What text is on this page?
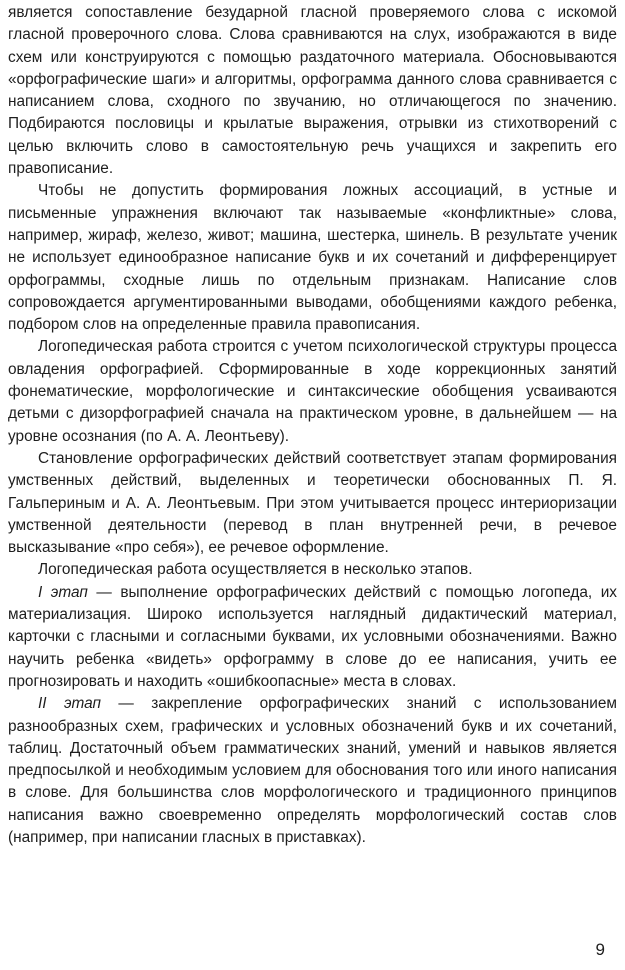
является сопоставление безударной гласной проверяемого слова с искомой гласной проверочного слова. Слова сравниваются на слух, изображаются в виде схем или конструируются с помощью раздаточного материала. Обосновываются «орфографические шаги» и алгоритмы, орфограмма данного слова сравнивается с написанием слова, сходного по звучанию, но отличающегося по значению. Подбираются пословицы и крылатые выражения, отрывки из стихотворений с целью включить слово в самостоятельную речь учащихся и закрепить его правописание.

Чтобы не допустить формирования ложных ассоциаций, в устные и письменные упражнения включают так называемые «конфликтные» слова, например, жираф, железо, живот; машина, шестерка, шинель. В результате ученик не использует единообразное написание букв и их сочетаний и дифференцирует орфограммы, сходные лишь по отдельным признакам. Написание слов сопровождается аргументированными выводами, обобщениями каждого ребенка, подбором слов на определенные правила правописания.

Логопедическая работа строится с учетом психологической структуры процесса овладения орфографией. Сформированные в ходе коррекционных занятий фонематические, морфологические и синтаксические обобщения усваиваются детьми с дизорфографией сначала на практическом уровне, в дальнейшем — на уровне осознания (по А. А. Леонтьеву).

Становление орфографических действий соответствует этапам формирования умственных действий, выделенных и теоретически обоснованных П. Я. Гальпериным и А. А. Леонтьевым. При этом учитывается процесс интериоризации умственной деятельности (перевод в план внутренней речи, в речевое высказывание «про себя»), ее речевое оформление.

Логопедическая работа осуществляется в несколько этапов.

I этап — выполнение орфографических действий с помощью логопеда, их материализация. Широко используется наглядный дидактический материал, карточки с гласными и согласными буквами, их условными обозначениями. Важно научить ребенка «видеть» орфограмму в слове до ее написания, учить ее прогнозировать и находить «ошибкоопасные» места в словах.

II этап — закрепление орфографических знаний с использованием разнообразных схем, графических и условных обозначений букв и их сочетаний, таблиц. Достаточный объем грамматических знаний, умений и навыков является предпосылкой и необходимым условием для обоснования того или иного написания в слове. Для большинства слов морфологического и традиционного принципов написания важно своевременно определять морфологический состав слов (например, при написании гласных в приставках).

9
